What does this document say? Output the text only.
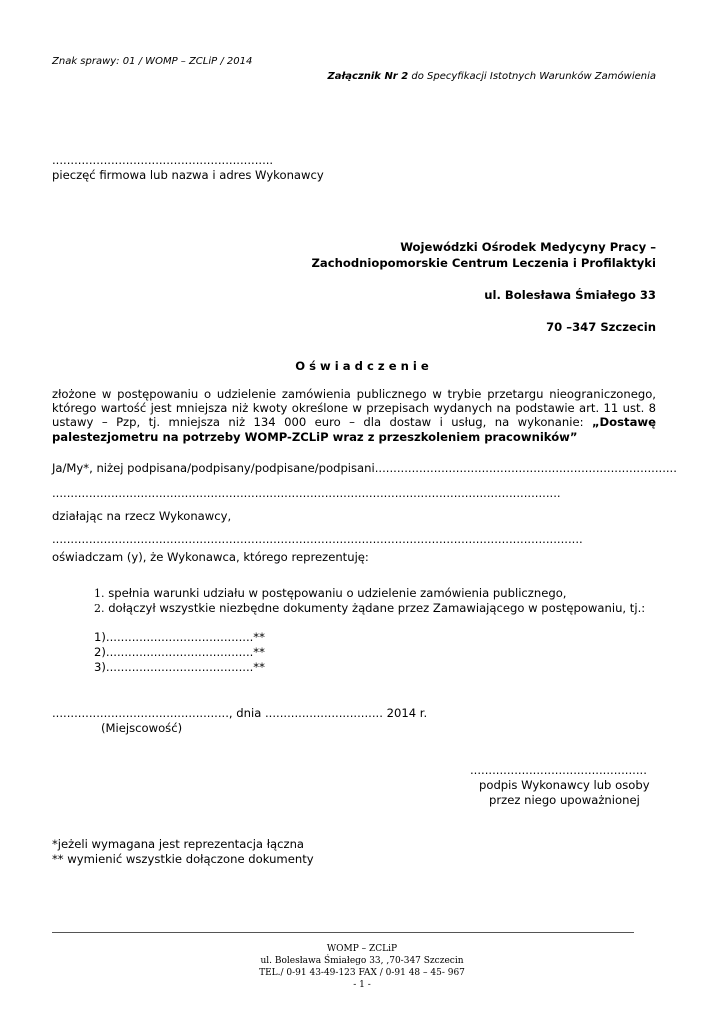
Znak sprawy: 01 / WOMP – ZCLiP / 2014
Załącznik Nr 2 do Specyfikacji Istotnych Warunków Zamówienia
............................................................
pieczęć firmowa lub nazwa i adres Wykonawcy
Wojewódzki Ośrodek Medycyny Pracy –
Zachodniopomorskie Centrum Leczenia i Profilaktyki
ul. Bolesława Śmiałego 33
70 –347 Szczecin
O ś w i a d c z e n i e
złożone w postępowaniu o udzielenie zamówienia publicznego w trybie przetargu nieograniczonego, którego wartość jest mniejsza niż kwoty określone w przepisach wydanych na podstawie art. 11 ust. 8 ustawy – Pzp, tj. mniejsza niż 134 000 euro – dla dostaw i usług, na wykonanie: „Dostawę palestezjometru na potrzeby WOMP-ZCLiP wraz z przeszkoleniem pracowników”
Ja/My*, niżej podpisana/podpisany/podpisane/podpisani..................................................................................
..........................................................................................................................................
działając na rzecz Wykonawcy,
................................................................................................................................................
oświadczam (y), że Wykonawca, którego reprezentuję:
1. spełnia warunki udziału w postępowaniu o udzielenie zamówienia publicznego,
2. dołączył wszystkie niezbędne dokumenty żądane przez Zamawiającego w postępowaniu, tj.:
1)........................................**
2)........................................**
3)........................................**
................................................, dnia ................................ 2014 r.
(Miejscowość)
................................................
podpis Wykonawcy lub osoby
przez niego upoważnionej
*jeżeli wymagana jest reprezentacja łączna
** wymienić wszystkie dołączone dokumenty
WOMP – ZCLiP
ul. Bolesława Śmiałego 33, ,70-347 Szczecin
TEL./ 0-91 43-49-123 FAX / 0-91 48 – 45- 967
- 1 -
